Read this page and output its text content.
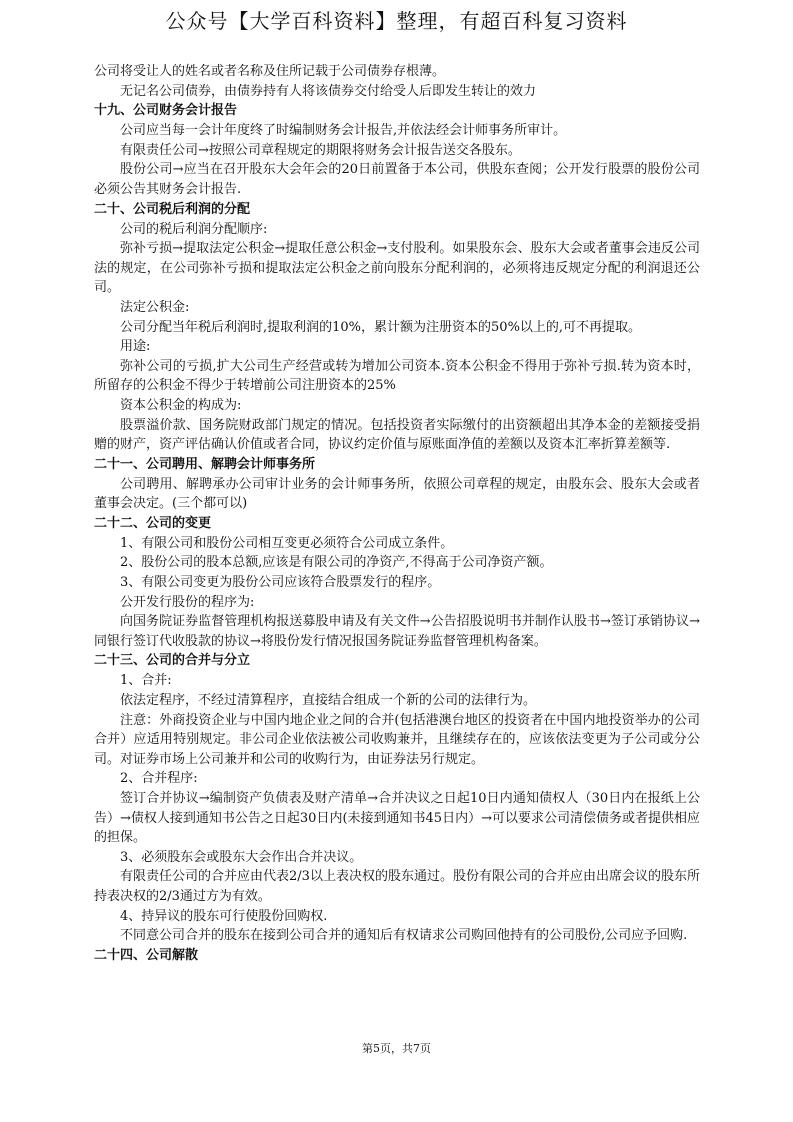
公众号【大学百科资料】整理，有超百科复习资料

公司将受让人的姓名或者名称及住所记载于公司债券存根薄。

无记名公司债券，由债券持有人将该债券交付给受人后即发生转让的效力

十九、公司财务会计报告

公司应当每一会计年度终了时编制财务会计报告,并依法经会计师事务所审计。

有限责任公司→按照公司章程规定的期限将财务会计报告送交各股东。

股份公司→应当在召开股东大会年会的20日前置备于本公司，供股东查阅；公开发行股票的股份公司必须公告其财务会计报告.

二十、公司税后利润的分配

公司的税后利润分配顺序:

弥补亏损→提取法定公积金→提取任意公积金→支付股利。如果股东会、股东大会或者董事会违反公司法的规定，在公司弥补亏损和提取法定公积金之前向股东分配利润的，必须将违反规定分配的利润退还公司。

法定公积金:

公司分配当年税后利润时,提取利润的10%，累计额为注册资本的50%以上的,可不再提取。

用途:

弥补公司的亏损,扩大公司生产经营或转为增加公司资本.资本公积金不得用于弥补亏损.转为资本时，所留存的公积金不得少于转增前公司注册资本的25%

资本公积金的构成为:

股票溢价款、国务院财政部门规定的情况。包括投资者实际缴付的出资额超出其净本金的差额接受捐赠的财产，资产评估确认价值或者合同，协议约定价值与原账面净值的差额以及资本汇率折算差额等.

二十一、公司聘用、解聘会计师事务所

公司聘用、解聘承办公司审计业务的会计师事务所，依照公司章程的规定，由股东会、股东大会或者董事会决定。(三个都可以)

二十二、公司的变更

1、有限公司和股份公司相互变更必须符合公司成立条件。

2、股份公司的股本总额,应该是有限公司的净资产,不得高于公司净资产额。

3、有限公司变更为股份公司应该符合股票发行的程序。

公开发行股份的程序为:

向国务院证券监督管理机构报送募股申请及有关文件→公告招股说明书并制作认股书→签订承销协议→同银行签订代收股款的协议→将股份发行情况报国务院证券监督管理机构备案。

二十三、公司的合并与分立

1、合并:

依法定程序，不经过清算程序，直接结合组成一个新的公司的法律行为。

注意：外商投资企业与中国内地企业之间的合并(包括港澳台地区的投资者在中国内地投资举办的公司合并）应适用特别规定。非公司企业依法被公司收购兼并，且继续存在的，应该依法变更为子公司或分公司。对证券市场上公司兼并和公司的收购行为，由证券法另行规定。

2、合并程序:

签订合并协议→编制资产负债表及财产清单→合并决议之日起10日内通知债权人（30日内在报纸上公告）→债权人接到通知书公告之日起30日内(未接到通知书45日内）→可以要求公司清偿债务或者提供相应的担保。

3、必须股东会或股东大会作出合并决议。

有限责任公司的合并应由代表2/3以上表决权的股东通过。股份有限公司的合并应由出席会议的股东所持表决权的2/3通过方为有效。

4、持异议的股东可行使股份回购权.

不同意公司合并的股东在接到公司合并的通知后有权请求公司购回他持有的公司股份,公司应予回购.

二十四、公司解散

第5页，共7页
